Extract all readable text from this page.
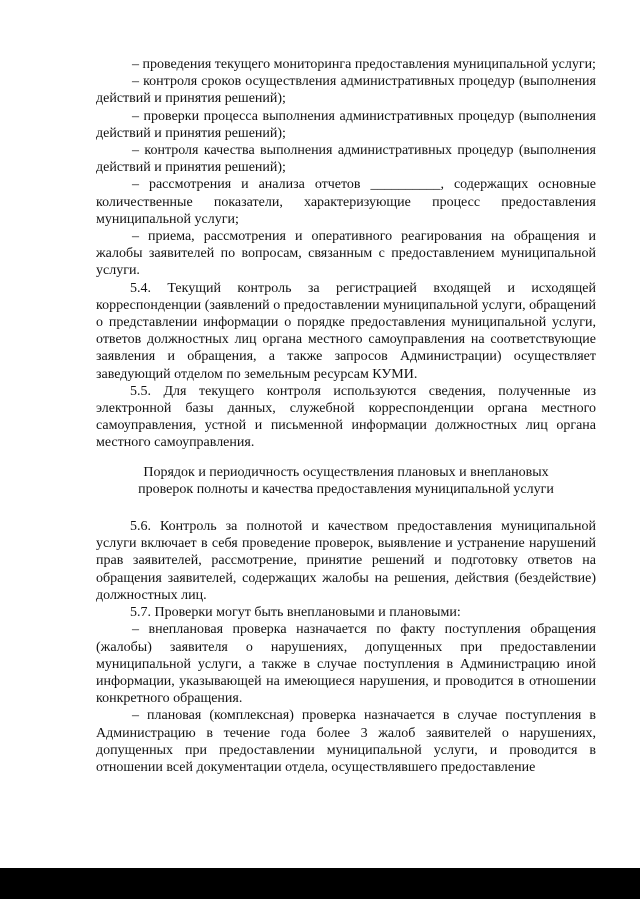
– проведения текущего мониторинга предоставления муниципальной услуги;

– контроля сроков осуществления административных процедур (выполнения действий и принятия решений);

– проверки процесса выполнения административных процедур (выполнения действий и принятия решений);

– контроля качества выполнения административных процедур (выполнения действий и принятия решений);

– рассмотрения и анализа отчетов __________, содержащих основные количественные показатели, характеризующие процесс предоставления муниципальной услуги;

– приема, рассмотрения и оперативного реагирования на обращения и жалобы заявителей по вопросам, связанным с предоставлением муниципальной услуги.

5.4. Текущий контроль за регистрацией входящей и исходящей корреспонденции (заявлений о предоставлении муниципальной услуги, обращений о представлении информации о порядке предоставления муниципальной услуги, ответов должностных лиц органа местного самоуправления на соответствующие заявления и обращения, а также запросов Администрации) осуществляет заведующий отделом по земельным ресурсам КУМИ.

5.5. Для текущего контроля используются сведения, полученные из электронной базы данных, служебной корреспонденции органа местного самоуправления, устной и письменной информации должностных лиц органа местного самоуправления.

Порядок и периодичность осуществления плановых и внеплановых
проверок полноты и качества предоставления муниципальной услуги

5.6. Контроль за полнотой и качеством предоставления муниципальной услуги включает в себя проведение проверок, выявление и устранение нарушений прав заявителей, рассмотрение, принятие решений и подготовку ответов на обращения заявителей, содержащих жалобы на решения, действия (бездействие) должностных лиц.

5.7. Проверки могут быть внеплановыми и плановыми:

– внеплановая проверка назначается по факту поступления обращения (жалобы) заявителя о нарушениях, допущенных при предоставлении муниципальной услуги, а также в случае поступления в Администрацию иной информации, указывающей на имеющиеся нарушения, и проводится в отношении конкретного обращения.

– плановая (комплексная) проверка назначается в случае поступления в Администрацию в течение года более 3 жалоб заявителей о нарушениях, допущенных при предоставлении муниципальной услуги, и проводится в отношении всей документации отдела, осуществлявшего предоставление
